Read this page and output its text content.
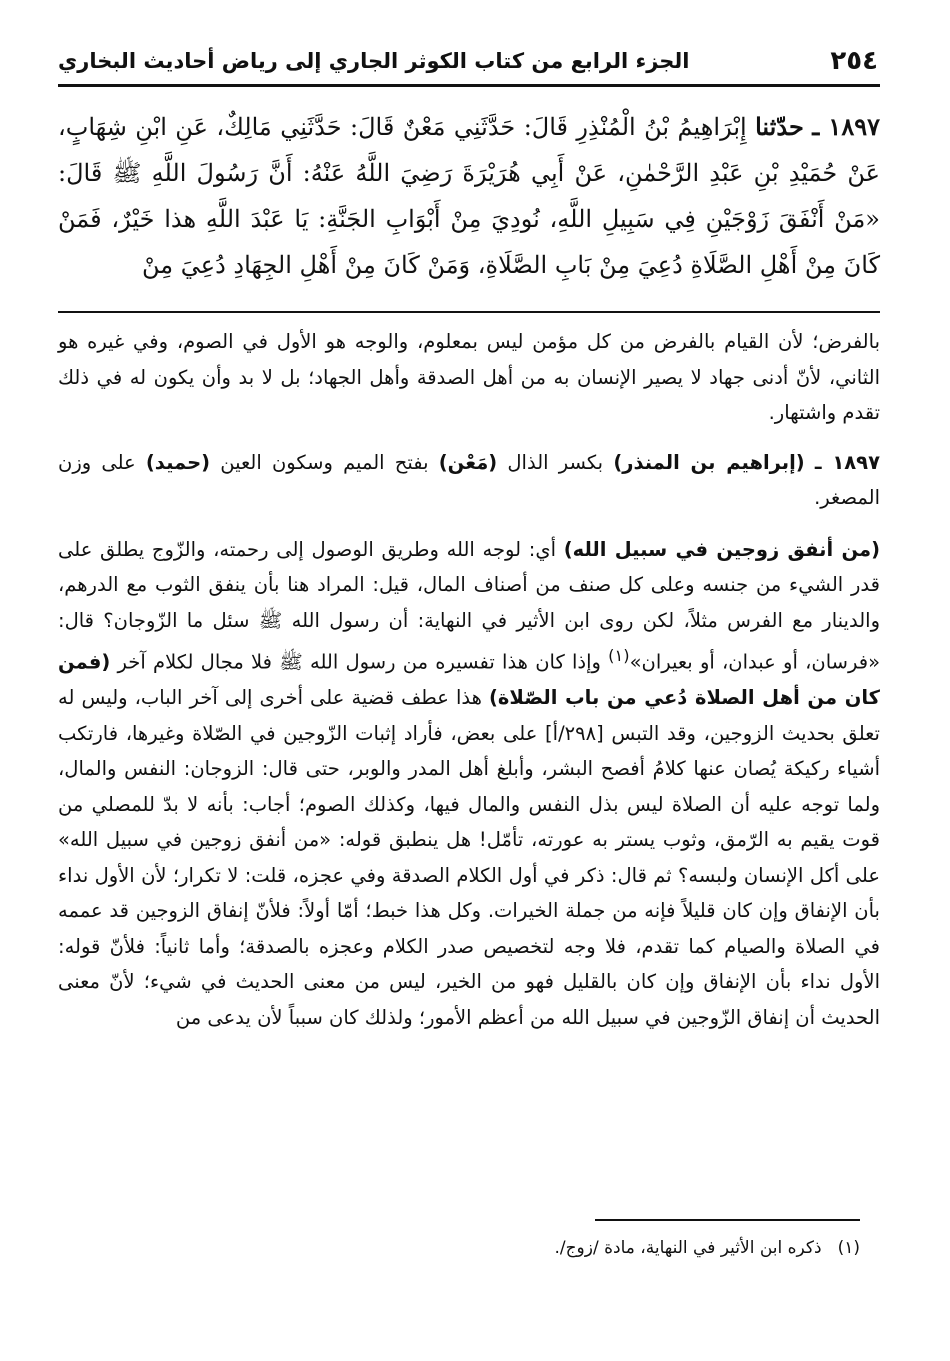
٢٥٤
الجزء الرابع من كتاب الكوثر الجاري إلى رياض أحاديث البخاري

١٨٩٧ ـ حدّثنا إِبْرَاهِيمُ بْنُ الْمُنْذِرِ قَالَ: حَدَّثَنِي مَعْنٌ قَالَ: حَدَّثَنِي مَالِكٌ، عَنِ ابْنِ شِهَابٍ، عَنْ حُمَيْدِ بْنِ عَبْدِ الرَّحْمٰنِ، عَنْ أَبِي هُرَيْرَةَ رَضِيَ اللَّهُ عَنْهُ: أَنَّ رَسُولَ اللَّهِ ﷺ قَالَ: «مَنْ أَنْفَقَ زَوْجَيْنِ فِي سَبِيلِ اللَّهِ، نُودِيَ مِنْ أَبْوَابِ الجَنَّةِ: يَا عَبْدَ اللَّهِ هذا خَيْرٌ، فَمَنْ كَانَ مِنْ أَهْلِ الصَّلَاةِ دُعِيَ مِنْ بَابِ الصَّلَاةِ، وَمَنْ كَانَ مِنْ أَهْلِ الجِهَادِ دُعِيَ مِنْ

بالفرض؛ لأن القيام بالفرض من كل مؤمن ليس بمعلوم، والوجه هو الأول في الصوم، وفي غيره هو الثاني، لأنّ أدنى جهاد لا يصير الإنسان به من أهل الصدقة وأهل الجهاد؛ بل لا بد وأن يكون له في ذلك تقدم واشتهار.

١٨٩٧ ـ (إبراهيم بن المنذر) بكسر الذال (مَعْن) بفتح الميم وسكون العين (حميد) على وزن المصغر.

(من أنفق زوجين في سبيل الله) أي: لوجه الله وطريق الوصول إلى رحمته، والزّوج يطلق على قدر الشيء من جنسه وعلى كل صنف من أصناف المال، قيل: المراد هنا بأن ينفق الثوب مع الدرهم، والدينار مع الفرس مثلاً، لكن روى ابن الأثير في النهاية: أن رسول الله ﷺ سئل ما الزّوجان؟ قال: «فرسان، أو عبدان، أو بعيران»$^{(١)}$ وإذا كان هذا تفسيره من رسول الله ﷺ فلا مجال لكلام آخر (فمن كان من أهل الصلاة دُعي من باب الصّلاة) هذا عطف قضية على أخرى إلى آخر الباب، وليس له تعلق بحديث الزوجين، وقد التبس [٢٩٨/أ] على بعض، فأراد إثبات الزّوجين في الصّلاة وغيرها، فارتكب أشياء ركيكة يُصان عنها كلامُ أفصح البشر، وأبلغ أهل المدر والوبر، حتى قال: الزوجان: النفس والمال، ولما توجه عليه أن الصلاة ليس بذل النفس والمال فيها، وكذلك الصوم؛ أجاب: بأنه لا بدّ للمصلي من قوت يقيم به الرّمق، وثوب يستر به عورته، تأمّل! هل ينطبق قوله: «من أنفق زوجين في سبيل الله» على أكل الإنسان ولبسه؟ ثم قال: ذكر في أول الكلام الصدقة وفي عجزه، قلت: لا تكرار؛ لأن الأول نداء بأن الإنفاق وإن كان قليلاً فإنه من جملة الخيرات. وكل هذا خبط؛ أمّا أولاً: فلأنّ إنفاق الزوجين قد عممه في الصلاة والصيام كما تقدم، فلا وجه لتخصيص صدر الكلام وعجزه بالصدقة؛ وأما ثانياً: فلأنّ قوله: الأول نداء بأن الإنفاق وإن كان بالقليل فهو من الخير، ليس من معنى الحديث في شيء؛ لأنّ معنى الحديث أن إنفاق الزّوجين في سبيل الله من أعظم الأمور؛ ولذلك كان سبباً لأن يدعى من

(١)ذكره ابن الأثير في النهاية، مادة /زوج/.
